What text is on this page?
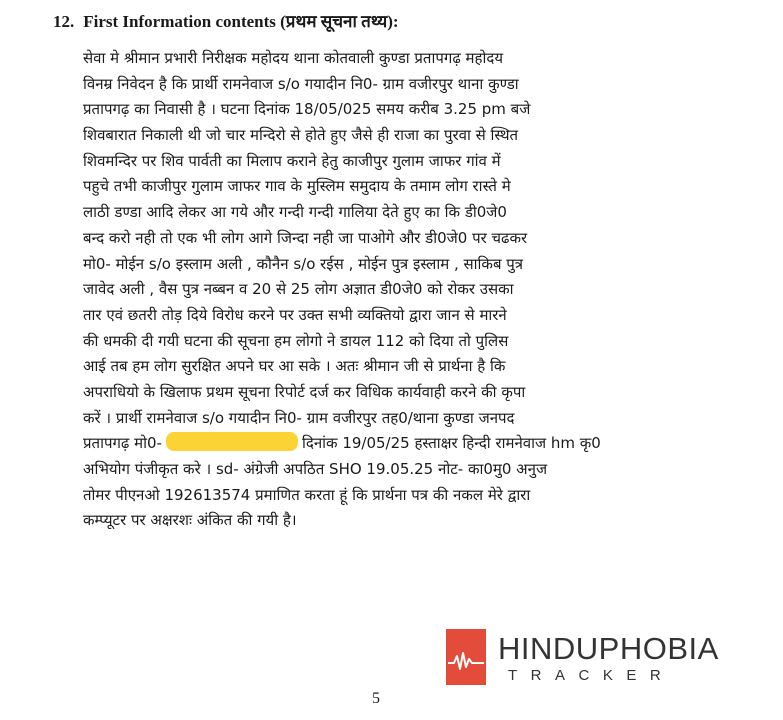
12. First Information contents (प्रथम सूचना तथ्य):
सेवा मे श्रीमान प्रभारी निरीक्षक महोदय थाना कोतवाली कुण्डा प्रतापगढ़ महोदय
विनम्र निवेदन है कि प्रार्थी रामनेवाज s/o गयादीन नि0- ग्राम वजीरपुर थाना कुण्डा
प्रतापगढ़ का निवासी है । घटना दिनांक 18/05/025 समय करीब 3.25 pm बजे
शिवबारात निकाली थी जो चार मन्दिरो से होते हुए जैसे ही राजा का पुरवा से स्थित
शिवमन्दिर पर शिव पार्वती का मिलाप कराने हेतु काजीपुर गुलाम जाफर गांव में
पहुचे तभी काजीपुर गुलाम जाफर गाव के मुस्लिम समुदाय के तमाम लोग रास्ते मे
लाठी डण्डा आदि लेकर आ गये और गन्दी गन्दी गालिया देते हुए का कि डी0जे0
बन्द करो नही तो एक भी लोग आगे जिन्दा नही जा पाओगे और डी0जे0 पर चढकर
मो0- मोईन s/o इस्लाम अली , कौनैन s/o रईस , मोईन पुत्र इस्लाम , साकिब पुत्र
जावेद अली , वैस पुत्र नब्बन व 20 से 25 लोग अज्ञात डी0जे0 को रोकर उसका
तार एवं छतरी तोड़ दिये विरोध करने पर उक्त सभी व्यक्तियो द्वारा जान से मारने
की धमकी दी गयी घटना की सूचना हम लोगो ने डायल 112 को दिया तो पुलिस
आई तब हम लोग सुरक्षित अपने घर आ सके । अतः श्रीमान जी से प्रार्थना है कि
अपराधियो के खिलाफ प्रथम सूचना रिपोर्ट दर्ज कर विधिक कार्यवाही करने की कृपा
करें । प्रार्थी रामनेवाज s/o गयादीन नि0- ग्राम वजीरपुर तह0/थाना कुण्डा जनपद
प्रतापगढ़ मो0-	दिनांक 19/05/25 हस्ताक्षर हिन्दी रामनेवाज hm कृ0
अभियोग पंजीकृत करे । sd- अंग्रेजी अपठित SHO 19.05.25 नोट- का0मु0 अनुज
तोमर पीएनओ 192613574 प्रमाणित करता हूं कि प्रार्थना पत्र की नकल मेरे द्वारा
कम्प्यूटर पर अक्षरशः अंकित की गयी है।
HINDUPHOBIA
TRACKER
5
